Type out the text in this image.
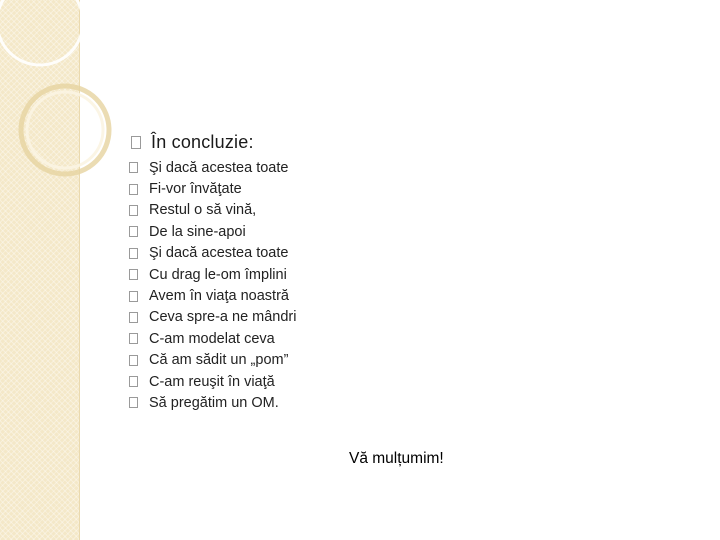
În concluzie:
Şi dacă acestea toate
Fi-vor învăţate
Restul o să vină,
De la sine-apoi
Şi dacă acestea toate
Cu drag le-om împlini
Avem în viaţa noastră
Ceva spre-a ne mândri
C-am modelat ceva
Că am sădit un „pom”
C-am reuşit în viaţă
Să pregătim un OM.
Vă mulțumim!
